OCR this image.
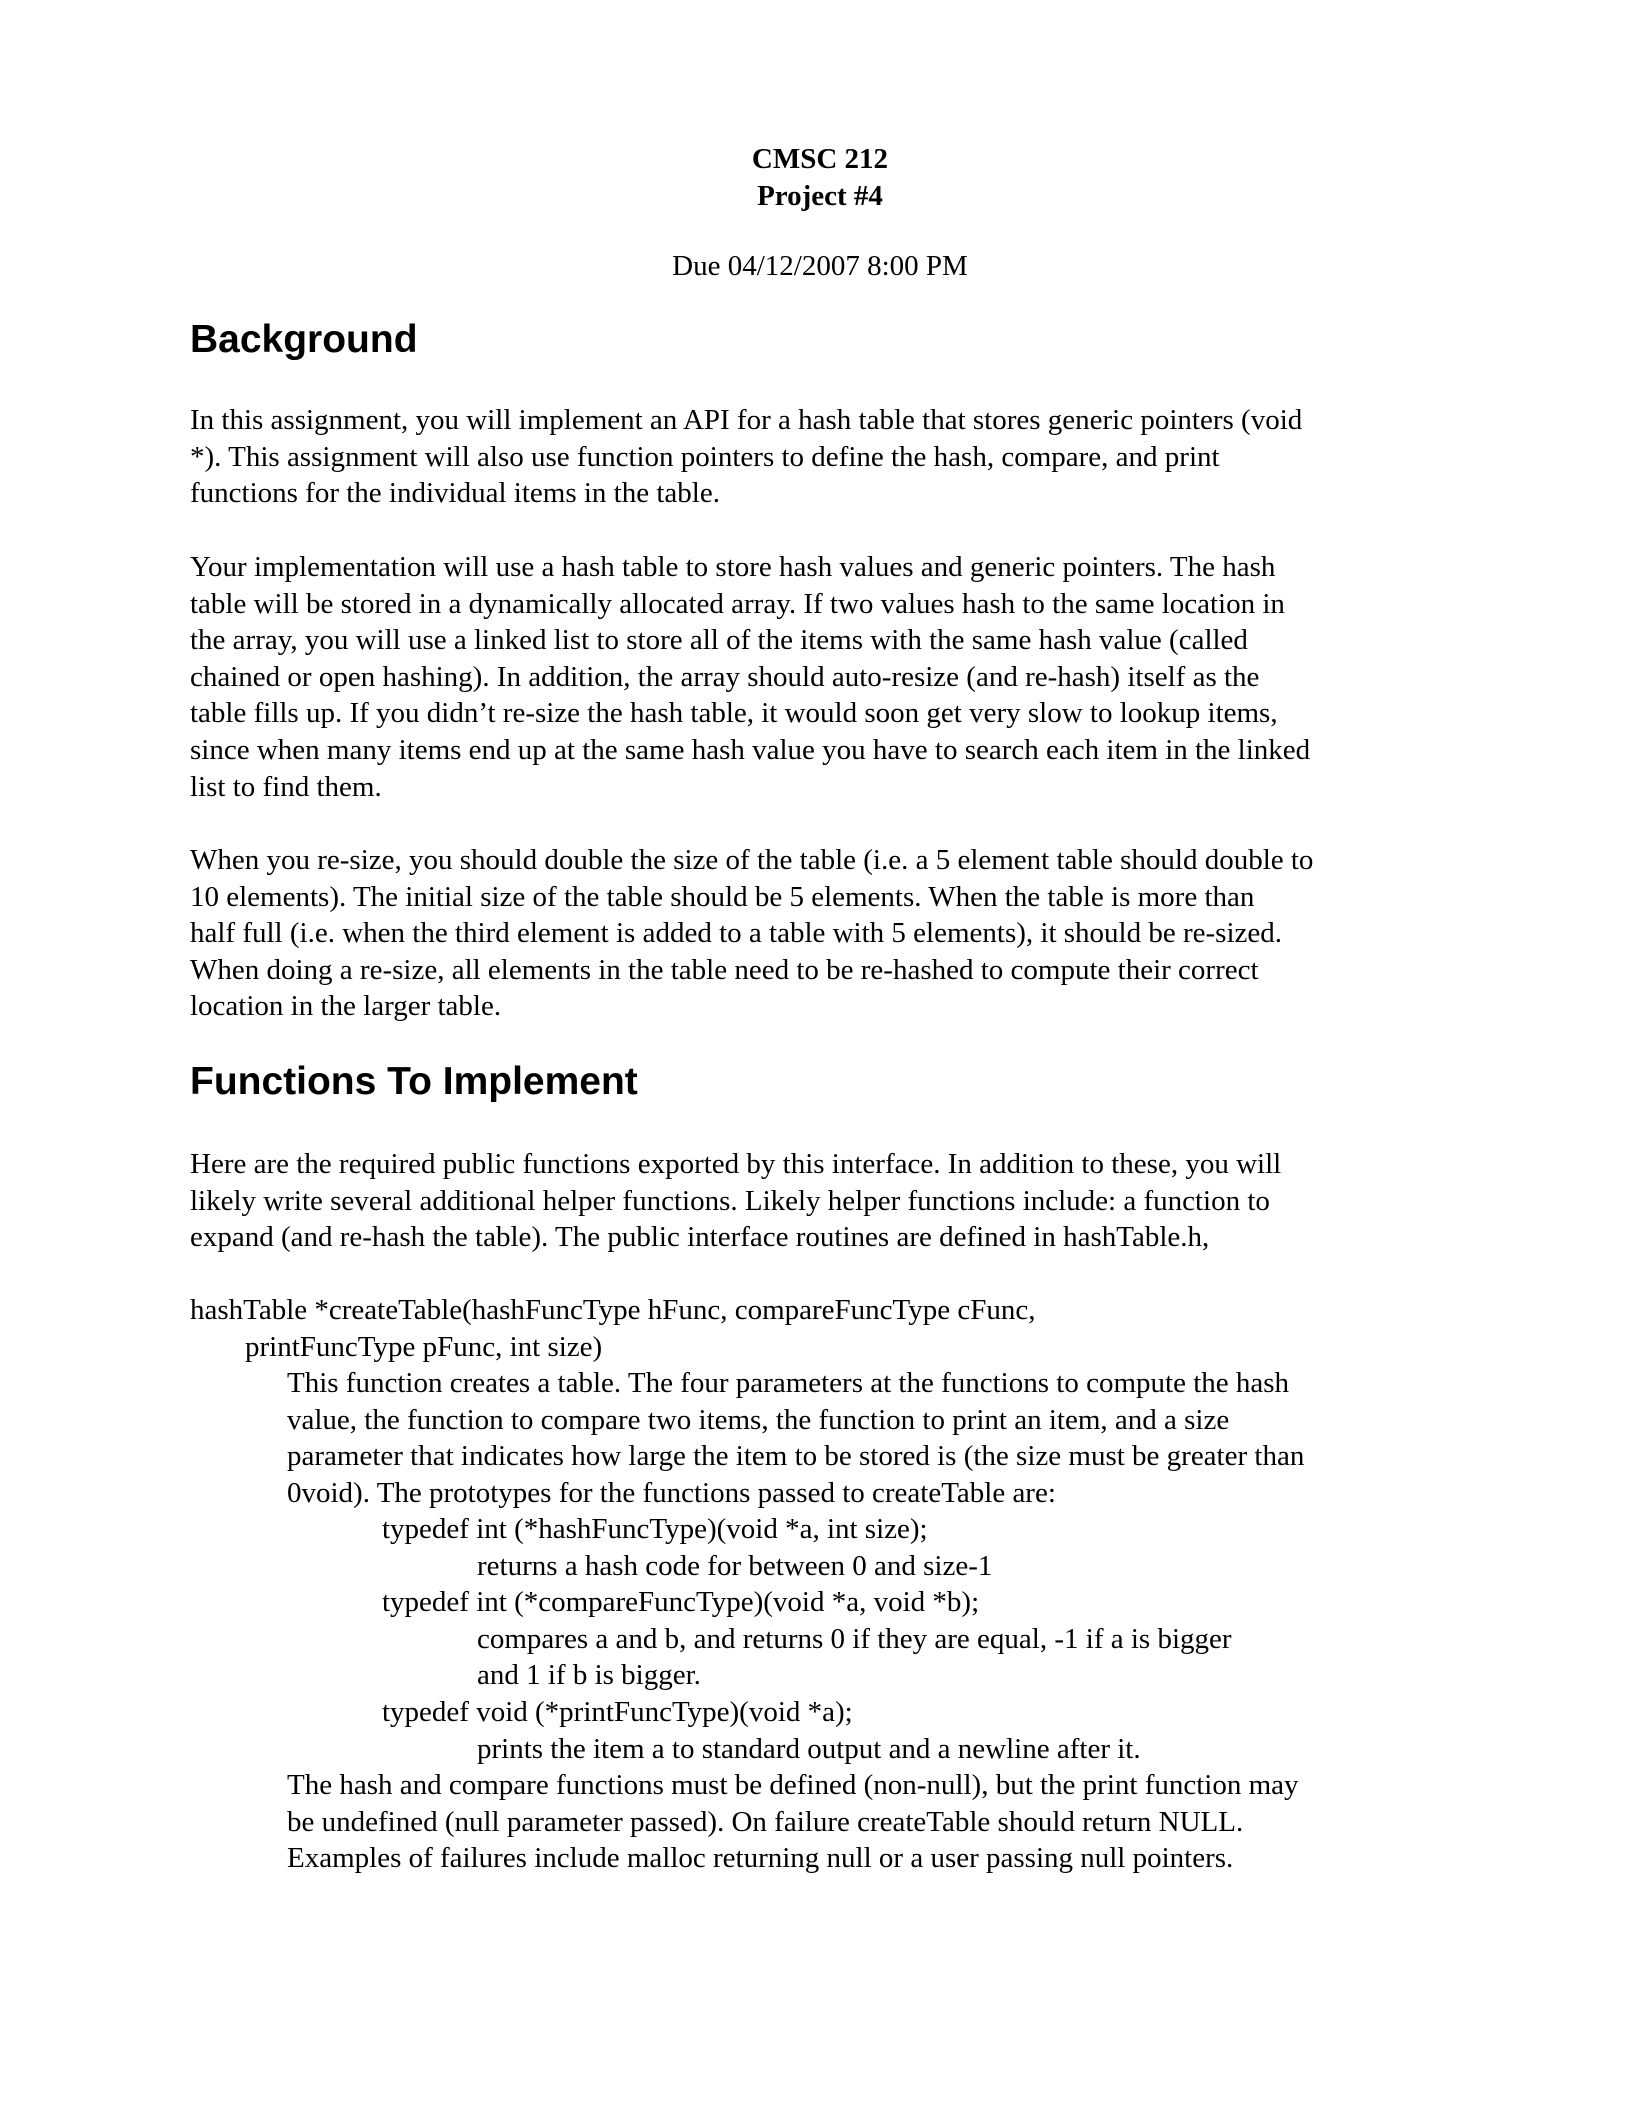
CMSC 212
Project #4
Due 04/12/2007 8:00 PM
Background
In this assignment, you will implement an API for a hash table that stores generic pointers (void
*). This assignment will also use function pointers to define the hash, compare, and print
functions for the individual items in the table.
Your implementation will use a hash table to store hash values and generic pointers. The hash
table will be stored in a dynamically allocated array. If two values hash to the same location in
the array, you will use a linked list to store all of the items with the same hash value (called
chained or open hashing). In addition, the array should auto-resize (and re-hash) itself as the
table fills up. If you didn’t re-size the hash table, it would soon get very slow to lookup items,
since when many items end up at the same hash value you have to search each item in the linked
list to find them.
When you re-size, you should double the size of the table (i.e. a 5 element table should double to
10 elements). The initial size of the table should be 5 elements. When the table is more than
half full (i.e. when the third element is added to a table with 5 elements), it should be re-sized.
When doing a re-size, all elements in the table need to be re-hashed to compute their correct
location in the larger table.
Functions To Implement
Here are the required public functions exported by this interface. In addition to these, you will
likely write several additional helper functions. Likely helper functions include: a function to
expand (and re-hash the table). The public interface routines are defined in hashTable.h,
hashTable *createTable(hashFuncType hFunc, compareFuncType cFunc,
printFuncType pFunc, int size)
This function creates a table. The four parameters at the functions to compute the hash
value, the function to compare two items, the function to print an item, and a size
parameter that indicates how large the item to be stored is (the size must be greater than
0void). The prototypes for the functions passed to createTable are:
typedef int (*hashFuncType)(void *a, int size);
returns a hash code for between 0 and size-1
typedef int (*compareFuncType)(void *a, void *b);
compares a and b, and returns 0 if they are equal, -1 if a is bigger
and 1 if b is bigger.
typedef void (*printFuncType)(void *a);
prints the item a to standard output and a newline after it.
The hash and compare functions must be defined (non-null), but the print function may
be undefined (null parameter passed). On failure createTable should return NULL.
Examples of failures include malloc returning null or a user passing null pointers.
